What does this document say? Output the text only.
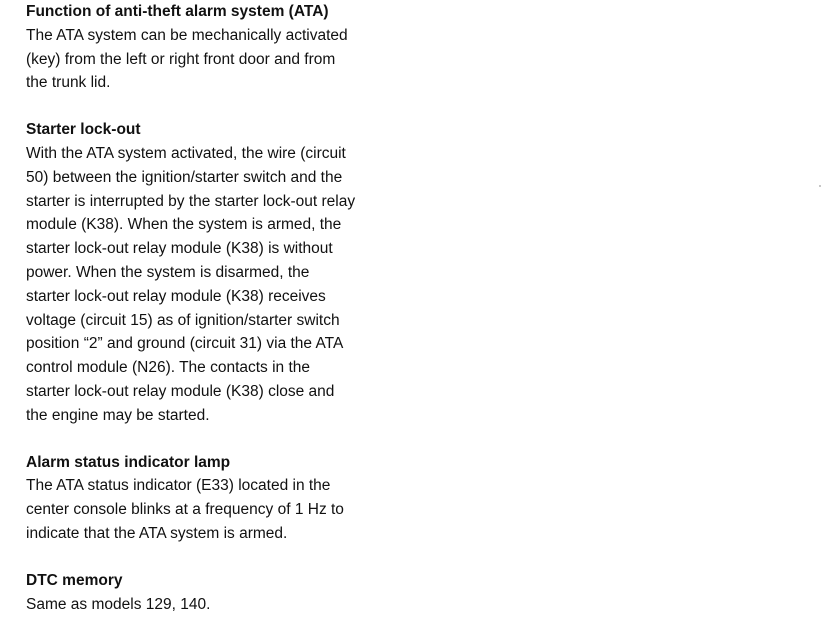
Function of anti-theft alarm system (ATA)
The ATA system can be mechanically activated
(key) from the left or right front door and from
the trunk lid.
Starter lock-out
With the ATA system activated, the wire (circuit
50) between the ignition/starter switch and the
starter is interrupted by the starter lock-out relay
module (K38). When the system is armed, the
starter lock-out relay module (K38) is without
power. When the system is disarmed, the
starter lock-out relay module (K38) receives
voltage (circuit 15) as of ignition/starter switch
position “2” and ground (circuit 31) via the ATA
control module (N26). The contacts in the
starter lock-out relay module (K38) close and
the engine may be started.
Alarm status indicator lamp
The ATA status indicator (E33) located in the
center console blinks at a frequency of 1 Hz to
indicate that the ATA system is armed.
DTC memory
Same as models 129, 140.
